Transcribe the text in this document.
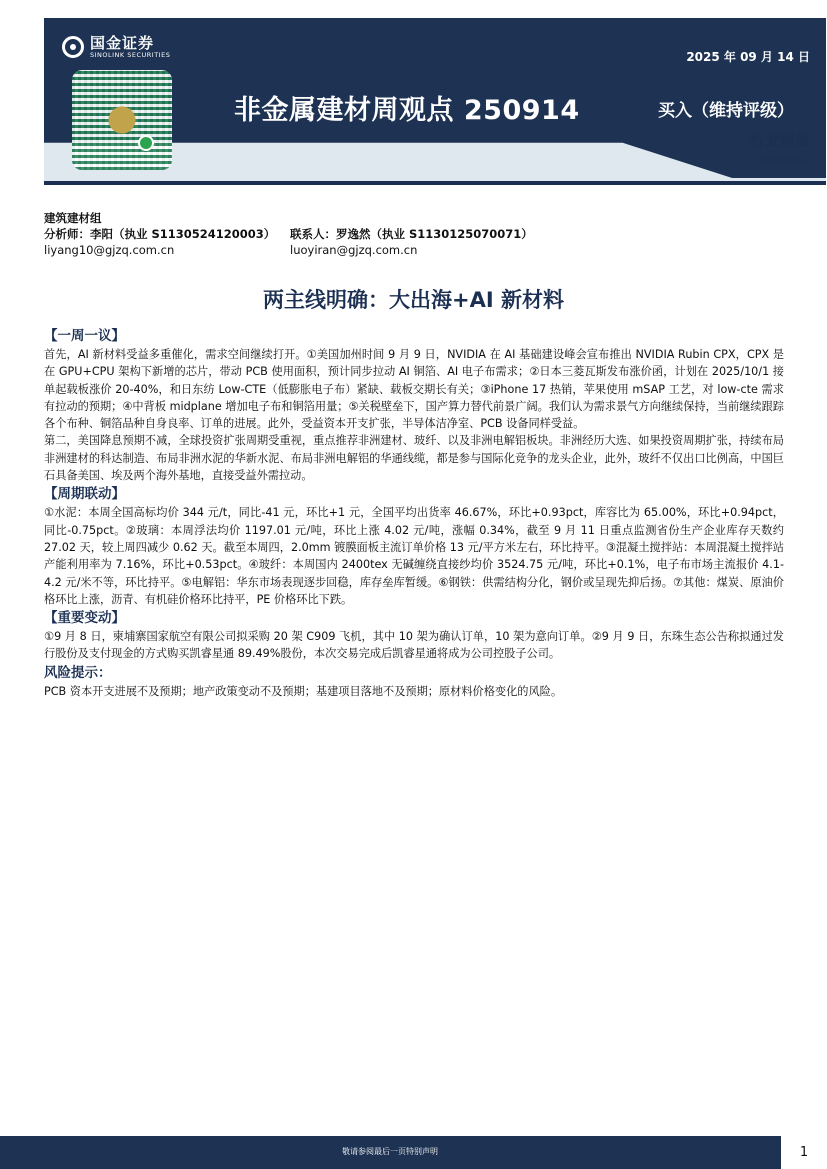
国金证券
SINOLINK SECURITIES	2025 年 09 月 14 日
非金属建材周观点 250914	买入（维持评级）
行业周报
证券研究报告
建筑建材组
分析师：李阳（执业 S1130524120003）	联系人：罗逸然（执业 S1130125070071）
liyang10@gjzq.com.cn	luoyiran@gjzq.com.cn
两主线明确：大出海+AI 新材料

【一周一议】

首先，AI 新材料受益多重催化，需求空间继续打开。①美国加州时间 9 月 9 日，NVIDIA 在 AI 基础建设峰会宣布推出 NVIDIA Rubin CPX，CPX 是在 GPU+CPU 架构下新增的芯片，带动 PCB 使用面积，预计同步拉动 AI 铜箔、AI 电子布需求；②日本三菱瓦斯发布涨价函，计划在 2025/10/1 接单起载板涨价 20-40%，和日东纺 Low-CTE（低膨胀电子布）紧缺、载板交期长有关；③iPhone 17 热销，苹果使用 mSAP 工艺，对 low-cte 需求有拉动的预期；④中背板 midplane 增加电子布和铜箔用量；⑤关税壁垒下，国产算力替代前景广阔。我们认为需求景气方向继续保持，当前继续跟踪各个布种、铜箔品种自身良率、订单的进展。此外，受益资本开支扩张，半导体洁净室、PCB 设备同样受益。

第二，美国降息预期不减，全球投资扩张周期受重视，重点推荐非洲建材、玻纤、以及非洲电解铝板块。非洲经历大选、如果投资周期扩张，持续布局非洲建材的科达制造、布局非洲水泥的华新水泥、布局非洲电解铝的华通线缆，都是参与国际化竞争的龙头企业，此外，玻纤不仅出口比例高，中国巨石具备美国、埃及两个海外基地，直接受益外需拉动。

【周期联动】

①水泥：本周全国高标均价 344 元/t，同比-41 元，环比+1 元，全国平均出货率 46.67%，环比+0.93pct，库容比为 65.00%，环比+0.94pct，同比-0.75pct。②玻璃：本周浮法均价 1197.01 元/吨，环比上涨 4.02 元/吨，涨幅 0.34%，截至 9 月 11 日重点监测省份生产企业库存天数约 27.02 天，较上周四减少 0.62 天。截至本周四，2.0mm 镀膜面板主流订单价格 13 元/平方米左右，环比持平。③混凝土搅拌站：本周混凝土搅拌站产能利用率为 7.16%，环比+0.53pct。④玻纤：本周国内 2400tex 无碱缠绕直接纱均价 3524.75 元/吨，环比+0.1%，电子布市场主流报价 4.1-4.2 元/米不等，环比持平。⑤电解铝：华东市场表现逐步回稳，库存垒库暂缓。⑥钢铁：供需结构分化，钢价或呈现先抑后扬。⑦其他：煤炭、原油价格环比上涨，沥青、有机硅价格环比持平，PE 价格环比下跌。

【重要变动】

①9 月 8 日，柬埔寨国家航空有限公司拟采购 20 架 C909 飞机，其中 10 架为确认订单，10 架为意向订单。②9 月 9 日，东珠生态公告称拟通过发行股份及支付现金的方式购买凯睿星通 89.49%股份，本次交易完成后凯睿星通将成为公司控股子公司。

风险提示：

PCB 资本开支进展不及预期；地产政策变动不及预期；基建项目落地不及预期；原材料价格变化的风险。

敬请参阅最后一页特别声明	1
